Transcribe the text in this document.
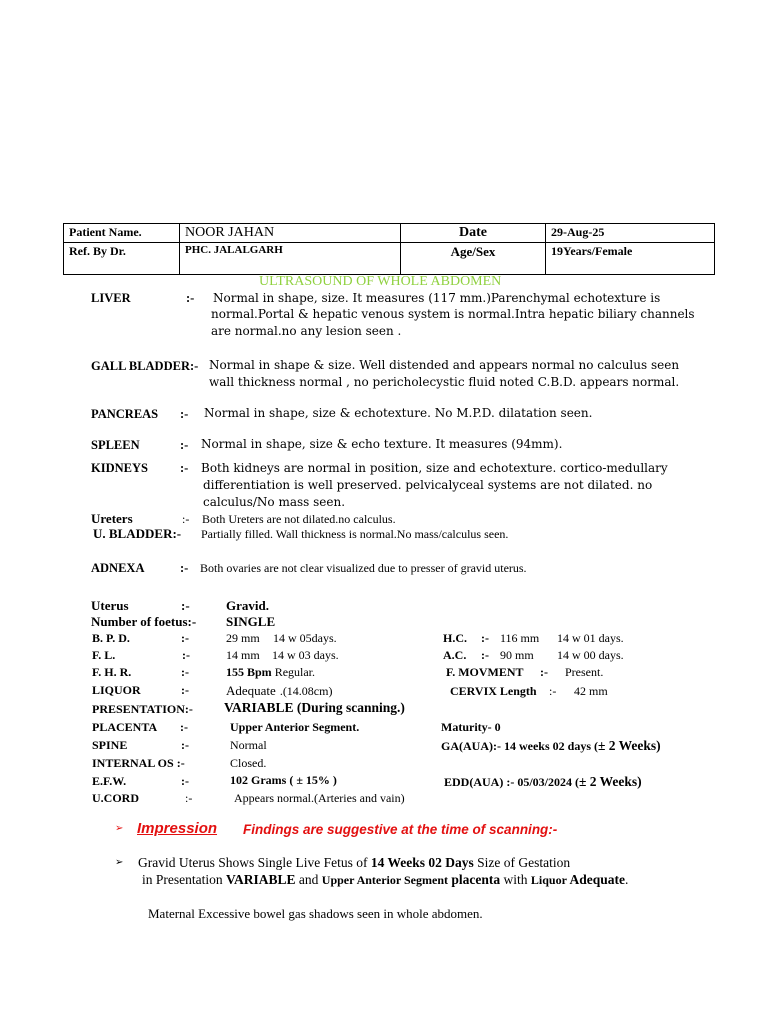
Patient Name.	NOOR JAHAN	Date	29-Aug-25
Ref. By Dr.	PHC. JALALGARH	Age/Sex	19Years/Female
ULTRASOUND OF WHOLE ABDOMEN
LIVER	:- Normal in shape, size. It measures (117 mm.)Parenchymal echotexture is
normal.Portal & hepatic venous system is normal.Intra hepatic biliary channels
are normal.no any lesion seen .
GALL BLADDER:- Normal in shape & size. Well distended and appears normal no calculus seen
wall thickness normal , no pericholecystic fluid noted C.B.D. appears normal.
PANCREAS :- Normal in shape, size & echotexture. No M.P.D. dilatation seen.
SPLEEN	:- Normal in shape, size & echo texture. It measures (94mm).
KIDNEYS	:- Both kidneys are normal in position, size and echotexture. cortico-medullary
differentiation is well preserved. pelvicalyceal systems are not dilated. no
calculus/No mass seen.
Ureters	:- Both Ureters are not dilated.no calculus.
U. BLADDER:- Partially filled. Wall thickness is normal.No mass/calculus seen.
ADNEXA	:- Both ovaries are not clear visualized due to presser of gravid uterus.
Uterus	:-	Gravid.
Number of foetus:- SINGLE
B. P. D.	:-	29 mm 14 w 05days.	H.C. :- 116 mm 14 w 01 days.
F. L.	:-	14 mm 14 w 03 days.	A.C. :- 90 mm 14 w 00 days.
F. H. R.	:-	155 Bpm Regular.	F. MOVMENT :- Present.
LIQUOR	:-	Adequate .(14.08cm)	CERVIX Length :- 42 mm
PRESENTATION:- VARIABLE (During scanning.)
PLACENTA :-	Upper Anterior Segment.	Maturity- 0
SPINE	:-	Normal	GA(AUA):- 14 weeks 02 days (± 2 Weeks)
INTERNAL OS :-	Closed.
E.F.W.	:-	102 Grams ( ± 15% )	EDD(AUA) :- 05/03/2024 (± 2 Weeks)
U.CORD	:-	Appears normal.(Arteries and vain)
➢ Impression Findings are suggestive at the time of scanning:-
➢ Gravid Uterus Shows Single Live Fetus of 14 Weeks 02 Days Size of Gestation
in Presentation VARIABLE and Upper Anterior Segment placenta with Liquor Adequate.
Maternal Excessive bowel gas shadows seen in whole abdomen.
